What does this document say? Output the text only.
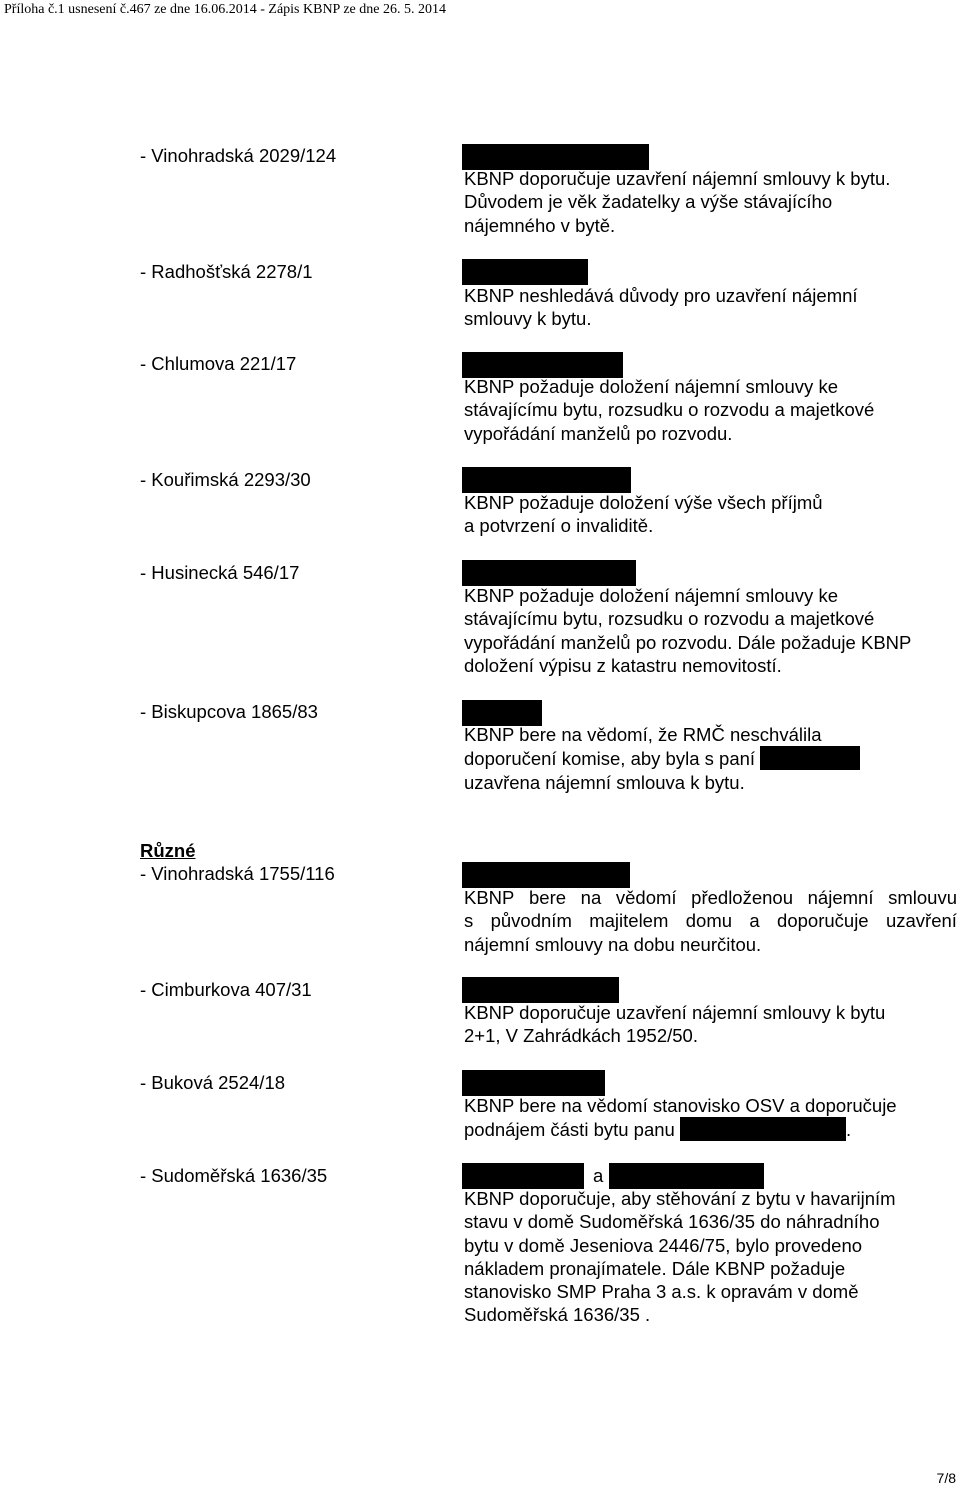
Příloha č.1 usnesení č.467 ze dne 16.06.2014 - Zápis KBNP ze dne 26. 5. 2014
- Vinohradská 2029/124
KBNP doporučuje uzavření nájemní smlouvy k bytu.
Důvodem je věk žadatelky a výše stávajícího
nájemného v bytě.
- Radhošťská 2278/1
KBNP neshledává důvody pro uzavření nájemní
smlouvy k bytu.
- Chlumova 221/17
KBNP požaduje doložení nájemní smlouvy ke
stávajícímu bytu, rozsudku o rozvodu a majetkové
vypořádání manželů po rozvodu.
- Kouřimská 2293/30
KBNP požaduje doložení výše všech příjmů
a potvrzení o invaliditě.
- Husinecká 546/17
KBNP požaduje doložení nájemní smlouvy ke
stávajícímu bytu, rozsudku o rozvodu a majetkové
vypořádání manželů po rozvodu. Dále požaduje KBNP
doložení výpisu z katastru nemovitostí.
- Biskupcova 1865/83
KBNP bere na vědomí, že RMČ neschválila
doporučení komise, aby byla s paní
uzavřena nájemní smlouva k bytu.
Různé
- Vinohradská 1755/116
KBNP bere na vědomí předloženou nájemní smlouvu
s původním majitelem domu a doporučuje uzavření
nájemní smlouvy na dobu neurčitou.
- Cimburkova 407/31
KBNP doporučuje uzavření nájemní smlouvy k bytu
2+1, V Zahrádkách 1952/50.
- Buková 2524/18
KBNP bere na vědomí stanovisko OSV a doporučuje
podnájem části bytu panu	.
- Sudoměřská 1636/35	a
KBNP doporučuje, aby stěhování z bytu v havarijním
stavu v domě Sudoměřská 1636/35 do náhradního
bytu v domě Jeseniova 2446/75, bylo provedeno
nákladem pronajímatele. Dále KBNP požaduje
stanovisko SMP Praha 3 a.s. k opravám v domě
Sudoměřská 1636/35 .
7/8
